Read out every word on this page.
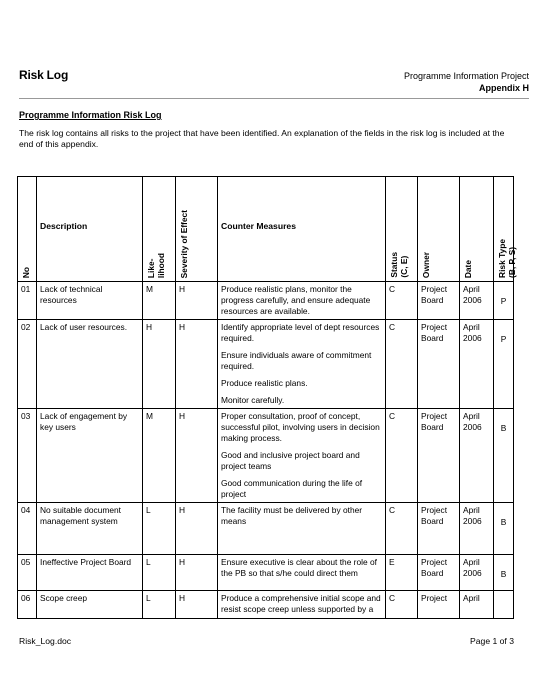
Risk Log	Programme Information Project
Appendix H
Programme Information Risk Log
The risk log contains all risks to the project that have been identified. An explanation of the fields in the risk log is included at the end of this appendix.
No	Description	Like- lihood	Severity of Effect	Counter Measures	Status (C, E)	Owner	Date	Risk Type (B, P, S)

01	Lack of technical resources	M	H	Produce realistic plans, monitor the progress carefully, and ensure adequate resources are available.	C	Project Board	April 2006	P
02	Lack of user resources.	H	H	Identify appropriate level of dept resources required.

Ensure individuals aware of commitment required.

Produce realistic plans.

Monitor carefully.	C	Project Board	April 2006	P
03	Lack of engagement by key users	M	H	Proper consultation, proof of concept, successful pilot, involving users in decision making process.

Good and inclusive project board and project teams

Good communication during the life of project	C	Project Board	April 2006	B
04	No suitable document management system	L	H	The facility must be delivered by other means	C	Project Board	April 2006	B
05	Ineffective Project Board	L	H	Ensure executive is clear about the role of the PB so that s/he could direct them	E	Project Board	April 2006	B
06	Scope creep	L	H	Produce a comprehensive initial scope and resist scope creep unless supported by a	C	Project	April	
Risk_Log.doc	Page 1 of 3
